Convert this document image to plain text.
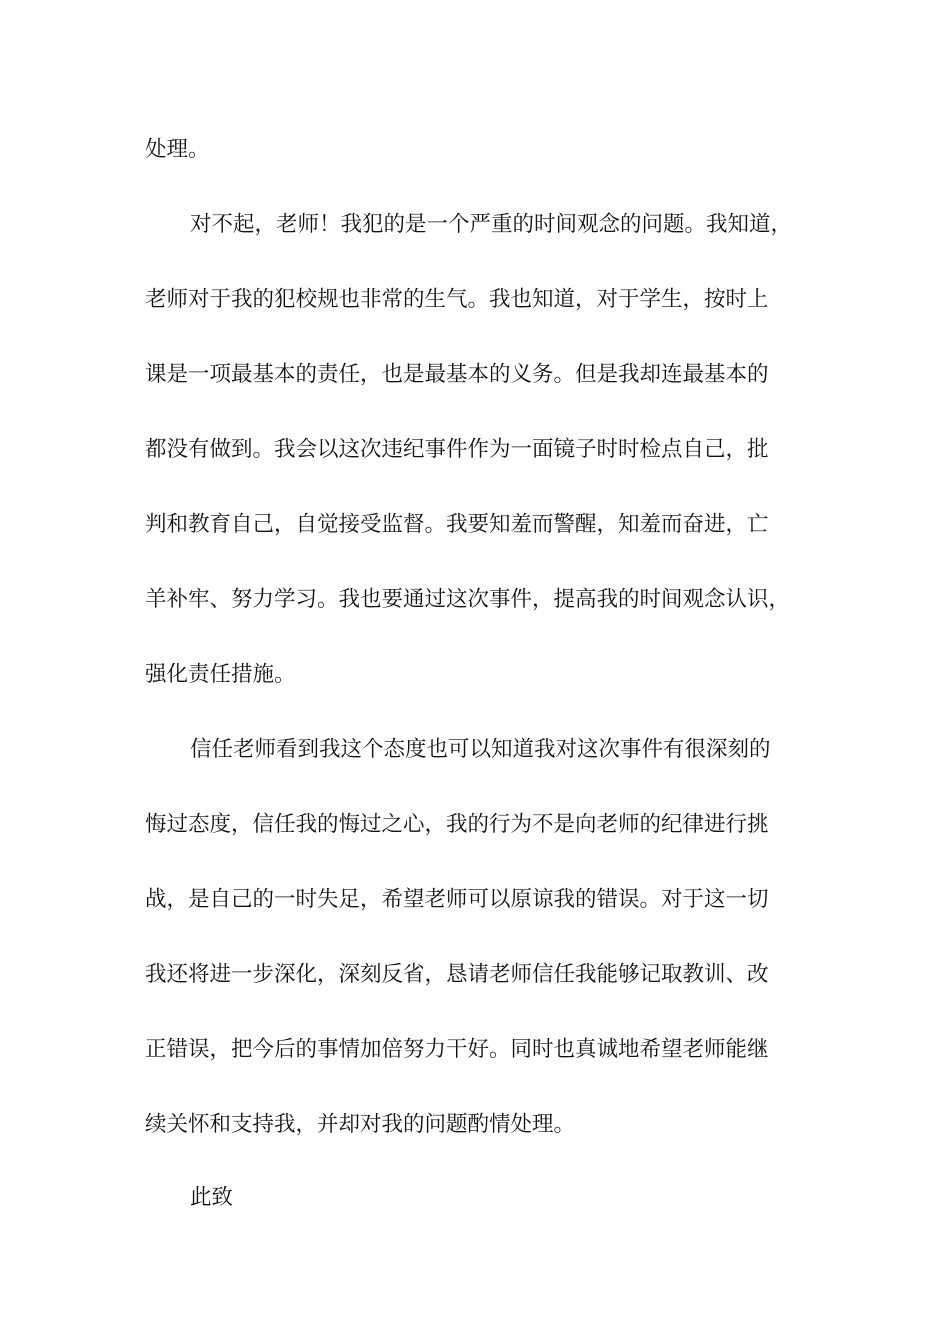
处理。
对不起，老师！我犯的是一个严重的时间观念的问题。我知道，
老师对于我的犯校规也非常的生气。我也知道，对于学生，按时上
课是一项最基本的责任，也是最基本的义务。但是我却连最基本的
都没有做到。我会以这次违纪事件作为一面镜子时时检点自己，批
判和教育自己，自觉接受监督。我要知羞而警醒，知羞而奋进，亡
羊补牢、努力学习。我也要通过这次事件，提高我的时间观念认识，
强化责任措施。
信任老师看到我这个态度也可以知道我对这次事件有很深刻的
悔过态度，信任我的悔过之心，我的行为不是向老师的纪律进行挑
战，是自己的一时失足，希望老师可以原谅我的错误。对于这一切
我还将进一步深化，深刻反省，恳请老师信任我能够记取教训、改
正错误，把今后的事情加倍努力干好。同时也真诚地希望老师能继
续关怀和支持我，并却对我的问题酌情处理。
此致
